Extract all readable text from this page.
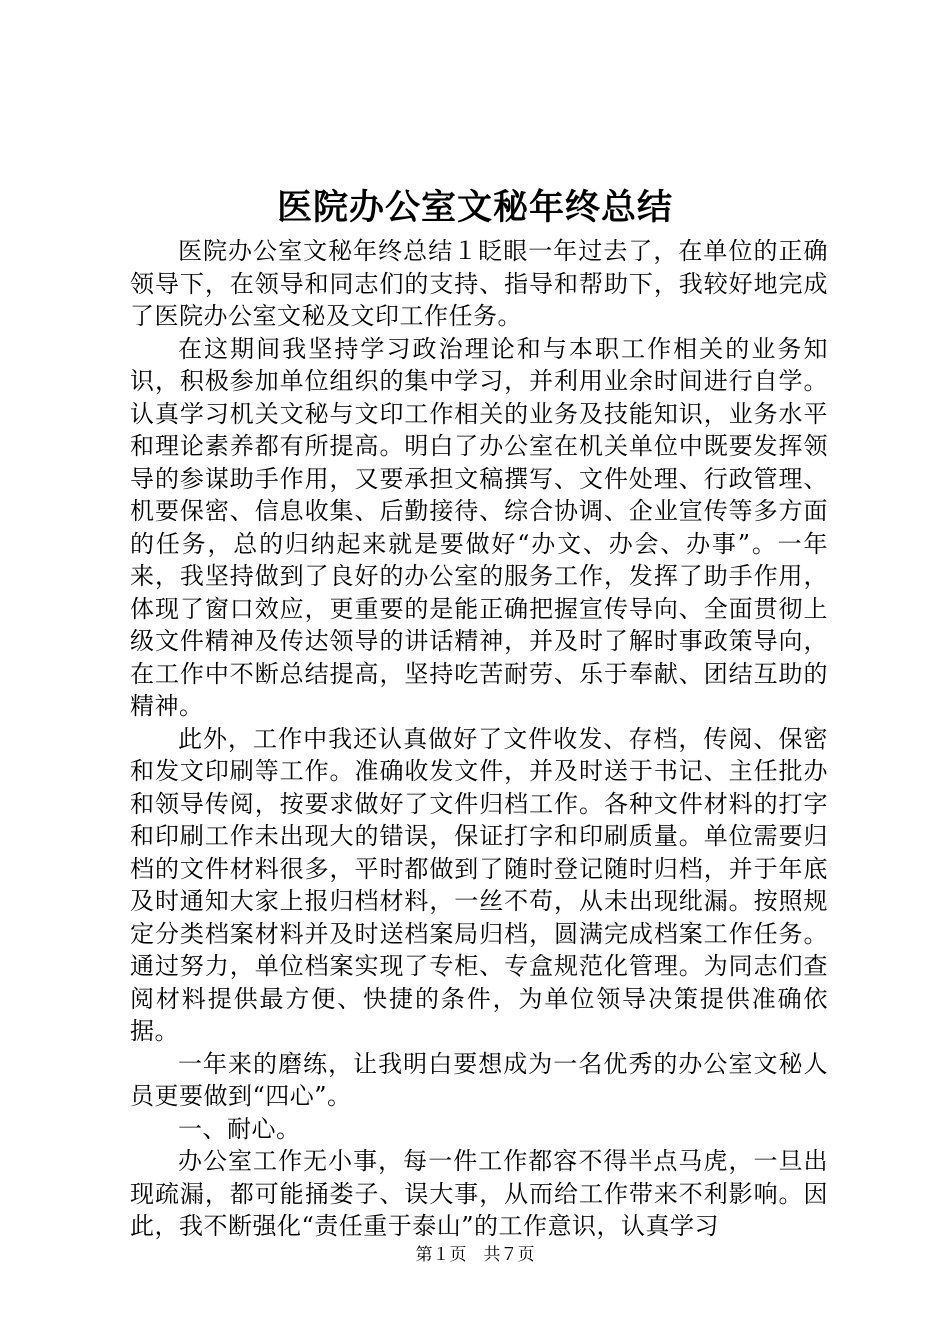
医院办公室文秘年终总结

医院办公室文秘年终总结１眨眼一年过去了，在单位的正确领导下，在领导和同志们的支持、指导和帮助下，我较好地完成了医院办公室文秘及文印工作任务。

在这期间我坚持学习政治理论和与本职工作相关的业务知识，积极参加单位组织的集中学习，并利用业余时间进行自学。认真学习机关文秘与文印工作相关的业务及技能知识，业务水平和理论素养都有所提高。明白了办公室在机关单位中既要发挥领导的参谋助手作用，又要承担文稿撰写、文件处理、行政管理、机要保密、信息收集、后勤接待、综合协调、企业宣传等多方面的任务，总的归纳起来就是要做好“办文、办会、办事”。一年来，我坚持做到了良好的办公室的服务工作，发挥了助手作用，体现了窗口效应，更重要的是能正确把握宣传导向、全面贯彻上级文件精神及传达领导的讲话精神，并及时了解时事政策导向，在工作中不断总结提高，坚持吃苦耐劳、乐于奉献、团结互助的精神。

此外，工作中我还认真做好了文件收发、存档，传阅、保密和发文印刷等工作。准确收发文件，并及时送于书记、主任批办和领导传阅，按要求做好了文件归档工作。各种文件材料的打字和印刷工作未出现大的错误，保证打字和印刷质量。单位需要归档的文件材料很多，平时都做到了随时登记随时归档，并于年底及时通知大家上报归档材料，一丝不苟，从未出现纰漏。按照规定分类档案材料并及时送档案局归档，圆满完成档案工作任务。通过努力，单位档案实现了专柜、专盒规范化管理。为同志们查阅材料提供最方便、快捷的条件，为单位领导决策提供准确依据。

一年来的磨练，让我明白要想成为一名优秀的办公室文秘人员更要做到“四心”。

一、耐心。

办公室工作无小事，每一件工作都容不得半点马虎，一旦出现疏漏，都可能捅娄子、误大事，从而给工作带来不利影响。因此，我不断强化“责任重于泰山”的工作意识，认真学习

第１页　共７页
